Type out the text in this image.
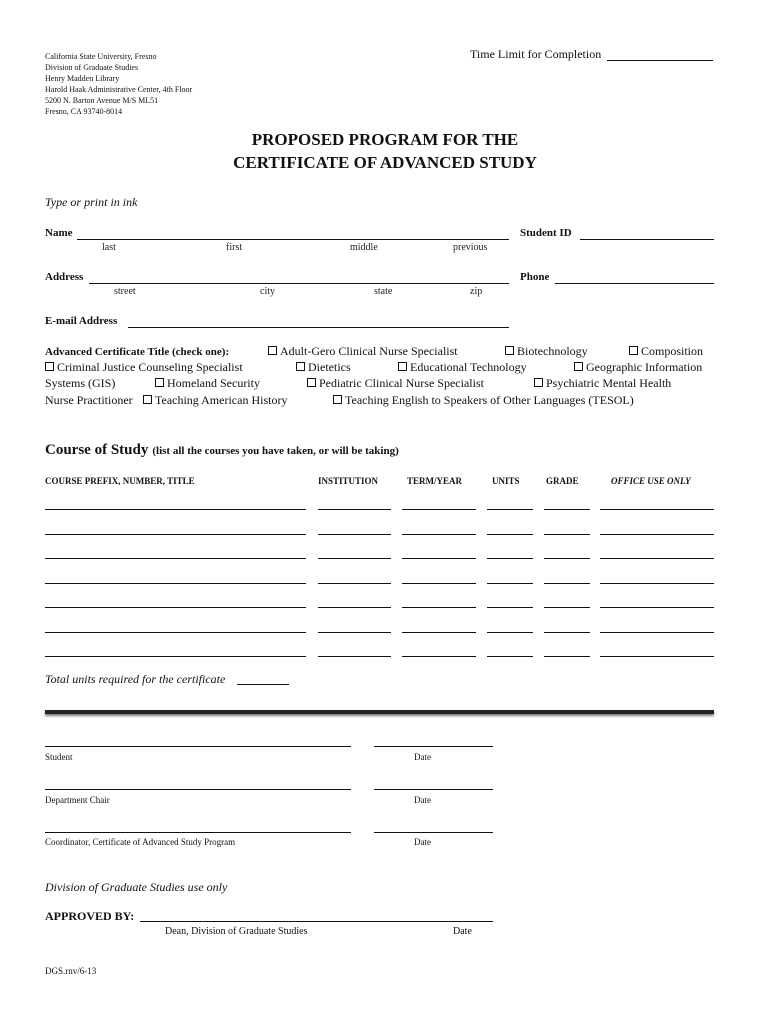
California State University, Fresno
Division of Graduate Studies
Henry Madden Library
Harold Haak Administrative Center, 4th Floor
5200 N. Barton Avenue M/S ML51
Fresno, CA 93740-8014
Time Limit for Completion
PROPOSED PROGRAM FOR THE
CERTIFICATE OF ADVANCED STUDY
Type or print in ink
Name
last	first	middle	previous
Student ID
Address
street	city	state	zip
Phone
E-mail Address
Advanced Certificate Title (check one):	Adult-Gero Clinical Nurse Specialist	Biotechnology	Composition
Criminal Justice Counseling Specialist	Dietetics	Educational Technology	Geographic Information
Systems (GIS)	Homeland Security	Pediatric Clinical Nurse Specialist	Psychiatric Mental Health
Nurse Practitioner	Teaching American History	Teaching English to Speakers of Other Languages (TESOL)
Course of Study (list all the courses you have taken, or will be taking)
COURSE PREFIX, NUMBER, TITLE	INSTITUTION	TERM/YEAR	UNITS	GRADE	OFFICE USE ONLY
Total units required for the certificate
Student	Date
Department Chair	Date
Coordinator, Certificate of Advanced Study Program	Date
Division of Graduate Studies use only
APPROVED BY:
Dean, Division of Graduate Studies	Date
DGS.rnv/6-13
